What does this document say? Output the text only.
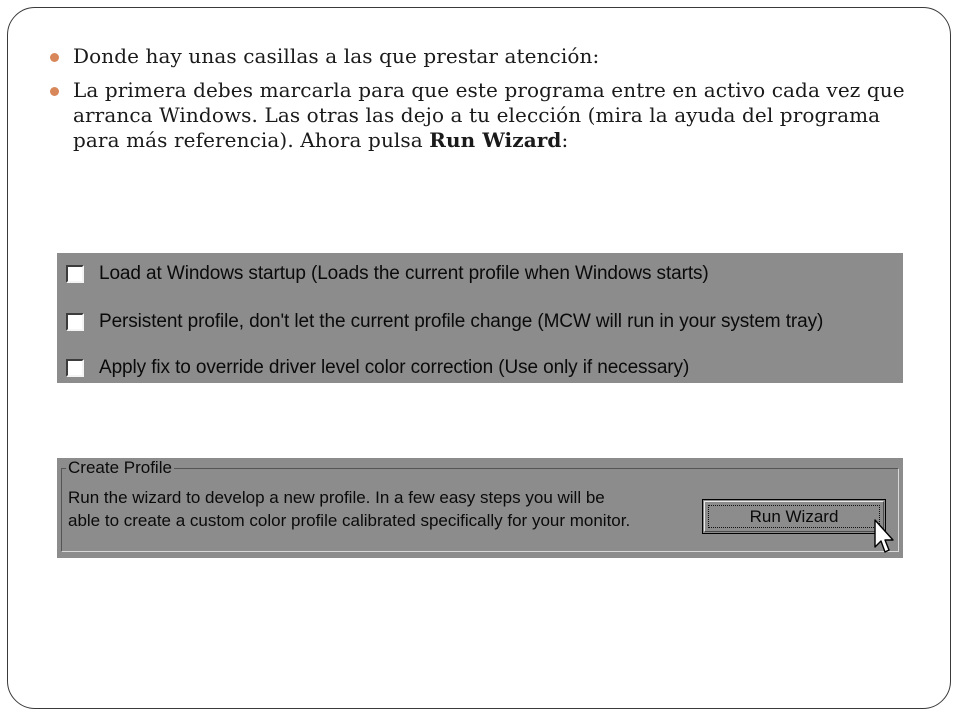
Donde hay unas casillas a las que prestar atención:
La primera debes marcarla para que este programa entre en activo cada vez que arranca Windows. Las otras las dejo a tu elección (mira la ayuda del programa para más referencia). Ahora pulsa Run Wizard:
Load at Windows startup (Loads the current profile when Windows starts)
Persistent profile, don't let the current profile change (MCW will run in your system tray)
Apply fix to override driver level color correction (Use only if necessary)
Create Profile
Run the wizard to develop a new profile. In a few easy steps you will be
able to create a custom color profile calibrated specifically for your monitor.	Run Wizard
